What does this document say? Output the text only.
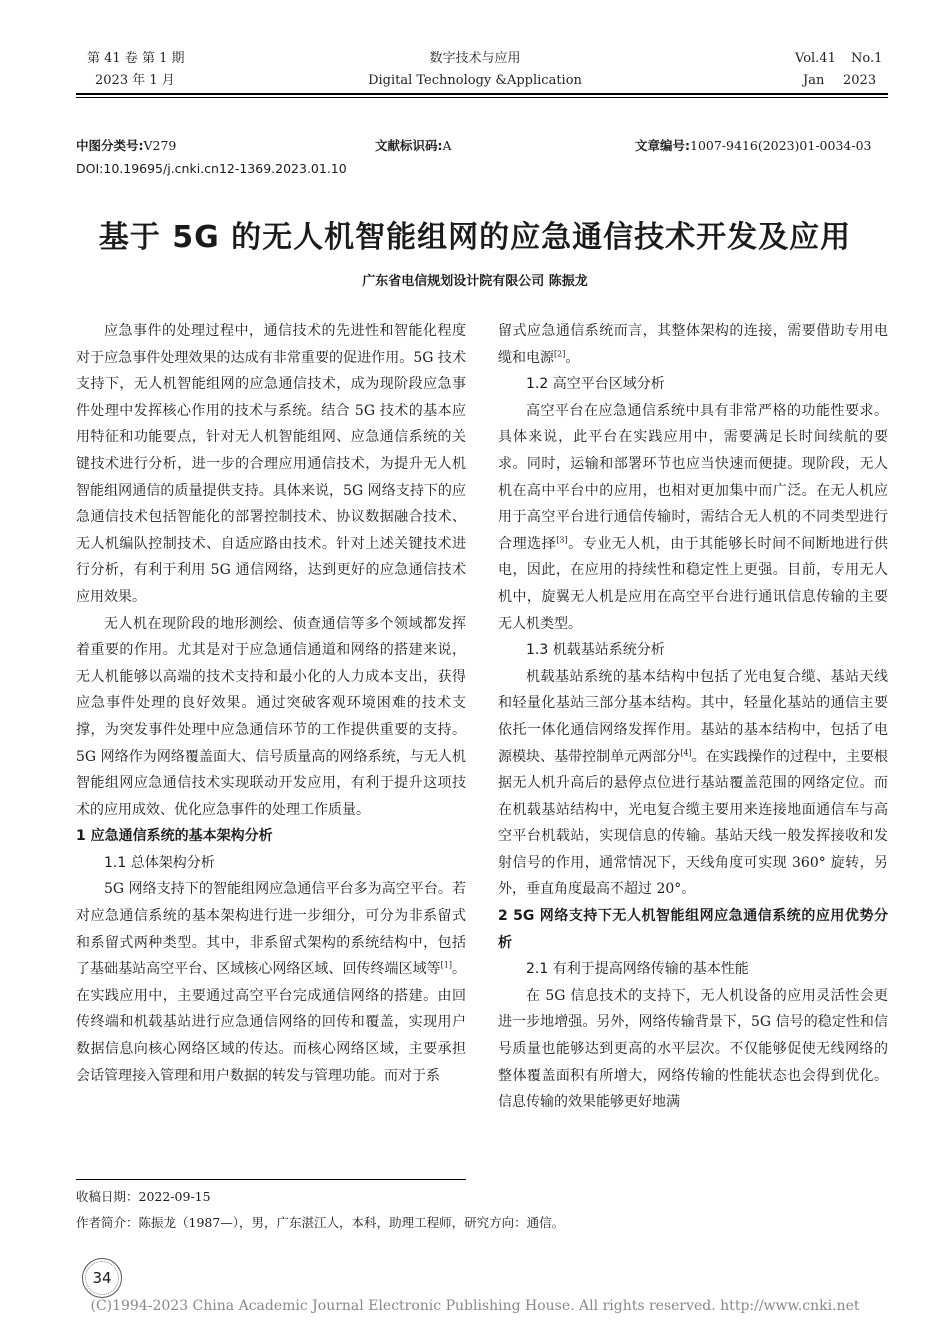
第 41 卷 第 1 期
2023 年 1 月
数字技术与应用
Digital Technology &Application
Vol.41 No.1
Jan 2023
中图分类号:V279	文献标识码:A	文章编号:1007-9416(2023)01-0034-03
DOI:10.19695/j.cnki.cn12-1369.2023.01.10
基于 5G 的无人机智能组网的应急通信技术开发及应用
广东省电信规划设计院有限公司 陈振龙

应急事件的处理过程中，通信技术的先进性和智能化程度对于应急事件处理效果的达成有非常重要的促进作用。5G 技术支持下，无人机智能组网的应急通信技术，成为现阶段应急事件处理中发挥核心作用的技术与系统。结合 5G 技术的基本应用特征和功能要点，针对无人机智能组网、应急通信系统的关键技术进行分析，进一步的合理应用通信技术，为提升无人机智能组网通信的质量提供支持。具体来说，5G 网络支持下的应急通信技术包括智能化的部署控制技术、协议数据融合技术、无人机编队控制技术、自适应路由技术。针对上述关键技术进行分析，有利于利用 5G 通信网络，达到更好的应急通信技术应用效果。

无人机在现阶段的地形测绘、侦查通信等多个领域都发挥着重要的作用。尤其是对于应急通信通道和网络的搭建来说，无人机能够以高端的技术支持和最小化的人力成本支出，获得应急事件处理的良好效果。通过突破客观环境困难的技术支撑，为突发事件处理中应急通信环节的工作提供重要的支持。5G 网络作为网络覆盖面大、信号质量高的网络系统，与无人机智能组网应急通信技术实现联动开发应用，有利于提升这项技术的应用成效、优化应急事件的处理工作质量。

1 应急通信系统的基本架构分析
1.1 总体架构分析

5G 网络支持下的智能组网应急通信平台多为高空平台。若对应急通信系统的基本架构进行进一步细分，可分为非系留式和系留式两种类型。其中，非系留式架构的系统结构中，包括了基础基站高空平台、区域核心网络区域、回传终端区域等[1]。在实践应用中，主要通过高空平台完成通信网络的搭建。由回传终端和机载基站进行应急通信网络的回传和覆盖，实现用户数据信息向核心网络区域的传达。而核心网络区域，主要承担会话管理接入管理和用户数据的转发与管理功能。而对于系

留式应急通信系统而言，其整体架构的连接，需要借助专用电缆和电源[2]。

1.2 高空平台区域分析

高空平台在应急通信系统中具有非常严格的功能性要求。具体来说，此平台在实践应用中，需要满足长时间续航的要求。同时，运输和部署环节也应当快速而便捷。现阶段，无人机在高中平台中的应用，也相对更加集中而广泛。在无人机应用于高空平台进行通信传输时，需结合无人机的不同类型进行合理选择[3]。专业无人机，由于其能够长时间不间断地进行供电，因此，在应用的持续性和稳定性上更强。目前，专用无人机中，旋翼无人机是应用在高空平台进行通讯信息传输的主要无人机类型。

1.3 机载基站系统分析

机载基站系统的基本结构中包括了光电复合缆、基站天线和轻量化基站三部分基本结构。其中，轻量化基站的通信主要依托一体化通信网络发挥作用。基站的基本结构中，包括了电源模块、基带控制单元两部分[4]。在实践操作的过程中，主要根据无人机升高后的悬停点位进行基站覆盖范围的网络定位。而在机载基站结构中，光电复合缆主要用来连接地面通信车与高空平台机载站，实现信息的传输。基站天线一般发挥接收和发射信号的作用，通常情况下，天线角度可实现 360° 旋转，另外，垂直角度最高不超过 20°。

2 5G 网络支持下无人机智能组网应急通信系统的应用优势分析
2.1 有利于提高网络传输的基本性能

在 5G 信息技术的支持下，无人机设备的应用灵活性会更进一步地增强。另外，网络传输背景下，5G 信号的稳定性和信号质量也能够达到更高的水平层次。不仅能够促使无线网络的整体覆盖面积有所增大，网络传输的性能状态也会得到优化。信息传输的效果能够更好地满

收稿日期：2022-09-15
作者简介：陈振龙（1987—），男，广东湛江人，本科，助理工程师，研究方向：通信。
34
(C)1994-2023 China Academic Journal Electronic Publishing House. All rights reserved. http://www.cnki.net
